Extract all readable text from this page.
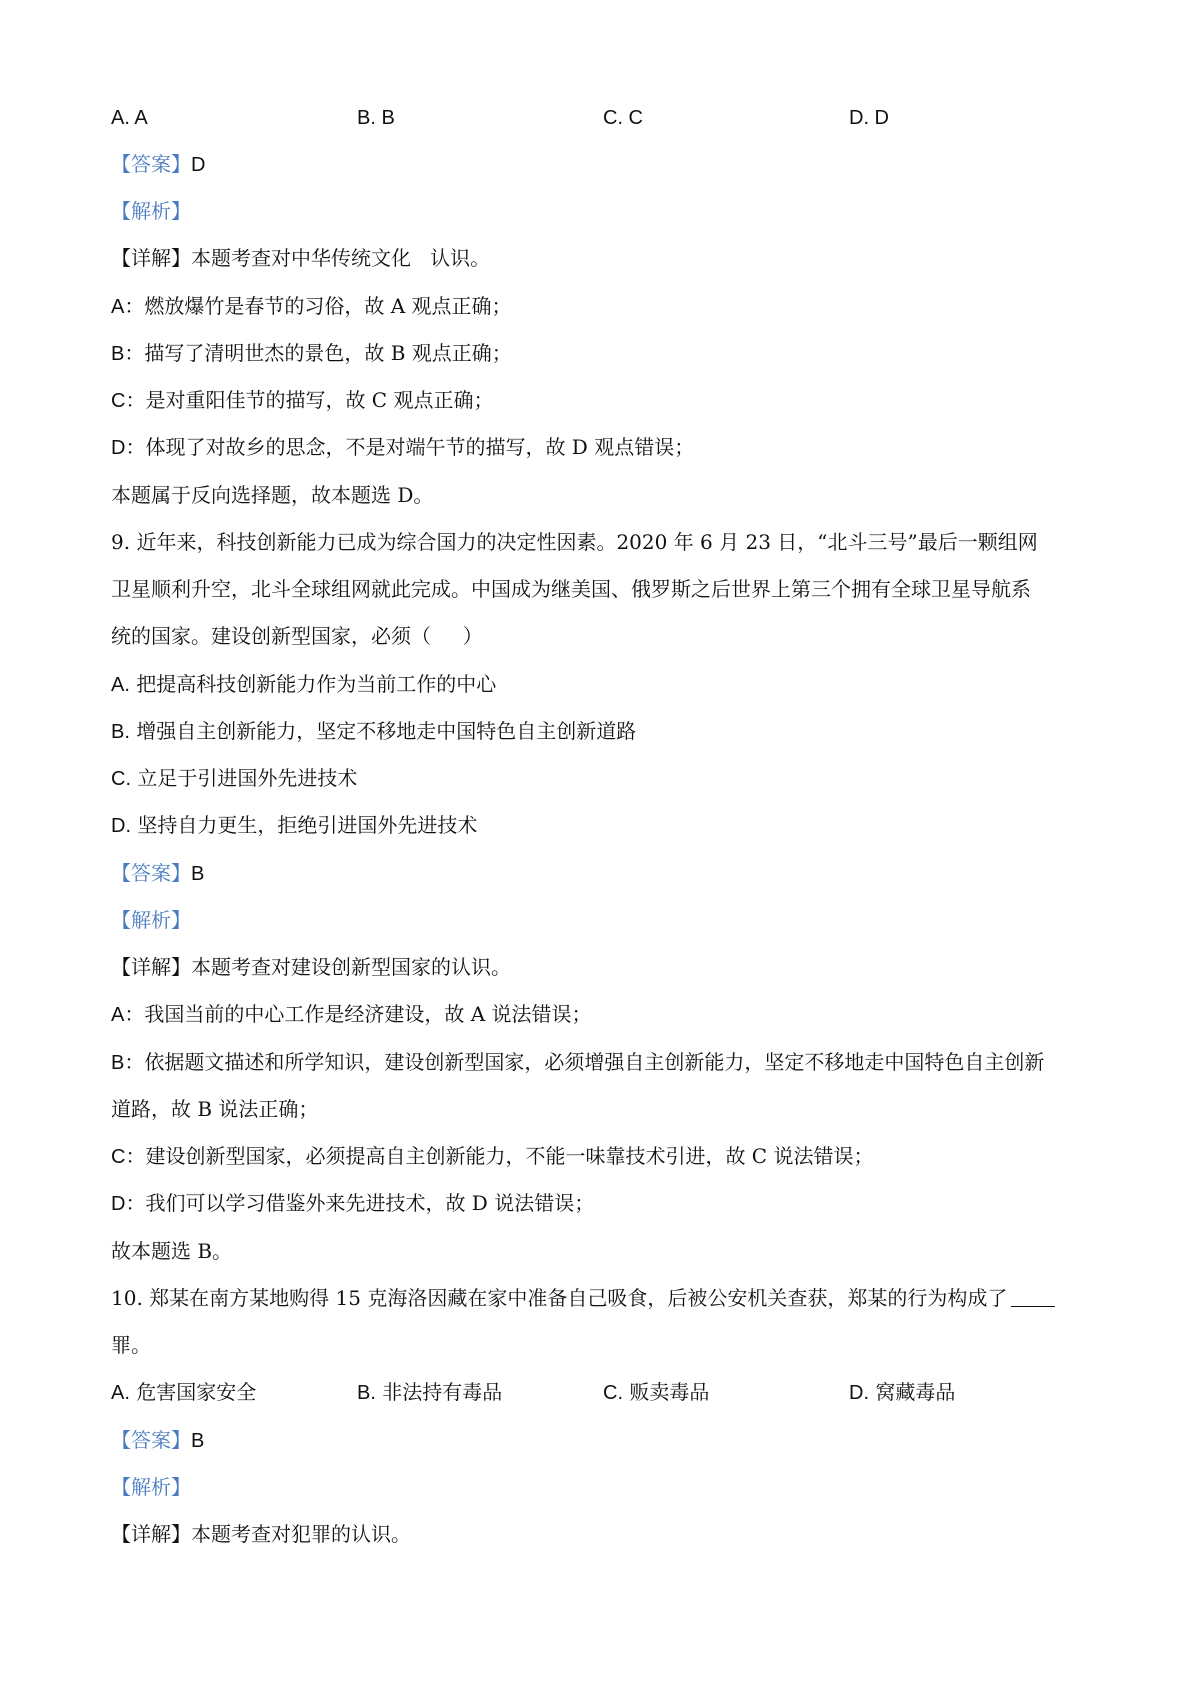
A. A	B. B	C. C	D. D
【答案】D
【解析】
【详解】本题考查对中华传统文化   认识。
A：燃放爆竹是春节的习俗，故 A 观点正确；
B：描写了清明世杰的景色，故 B 观点正确；
C：是对重阳佳节的描写，故 C 观点正确；
D：体现了对故乡的思念，不是对端午节的描写，故 D 观点错误；
本题属于反向选择题，故本题选 D。
9. 近年来，科技创新能力已成为综合国力的决定性因素。2020 年 6 月 23 日，“北斗三号”最后一颗组网
卫星顺利升空，北斗全球组网就此完成。中国成为继美国、俄罗斯之后世界上第三个拥有全球卫星导航系
统的国家。建设创新型国家，必须（     ）
A. 把提高科技创新能力作为当前工作的中心
B. 增强自主创新能力，坚定不移地走中国特色自主创新道路
C. 立足于引进国外先进技术
D. 坚持自力更生，拒绝引进国外先进技术
【答案】B
【解析】
【详解】本题考查对建设创新型国家的认识。
A：我国当前的中心工作是经济建设，故 A 说法错误；
B：依据题文描述和所学知识，建设创新型国家，必须增强自主创新能力，坚定不移地走中国特色自主创新
道路，故 B 说法正确；
C：建设创新型国家，必须提高自主创新能力，不能一味靠技术引进，故 C 说法错误；
D：我们可以学习借鉴外来先进技术，故 D 说法错误；
故本题选 B。
10. 郑某在南方某地购得 15 克海洛因藏在家中准备自己吸食，后被公安机关查获，郑某的行为构成了
罪。
A. 危害国家安全	B. 非法持有毒品	C. 贩卖毒品	D. 窝藏毒品
【答案】B
【解析】
【详解】本题考查对犯罪的认识。
